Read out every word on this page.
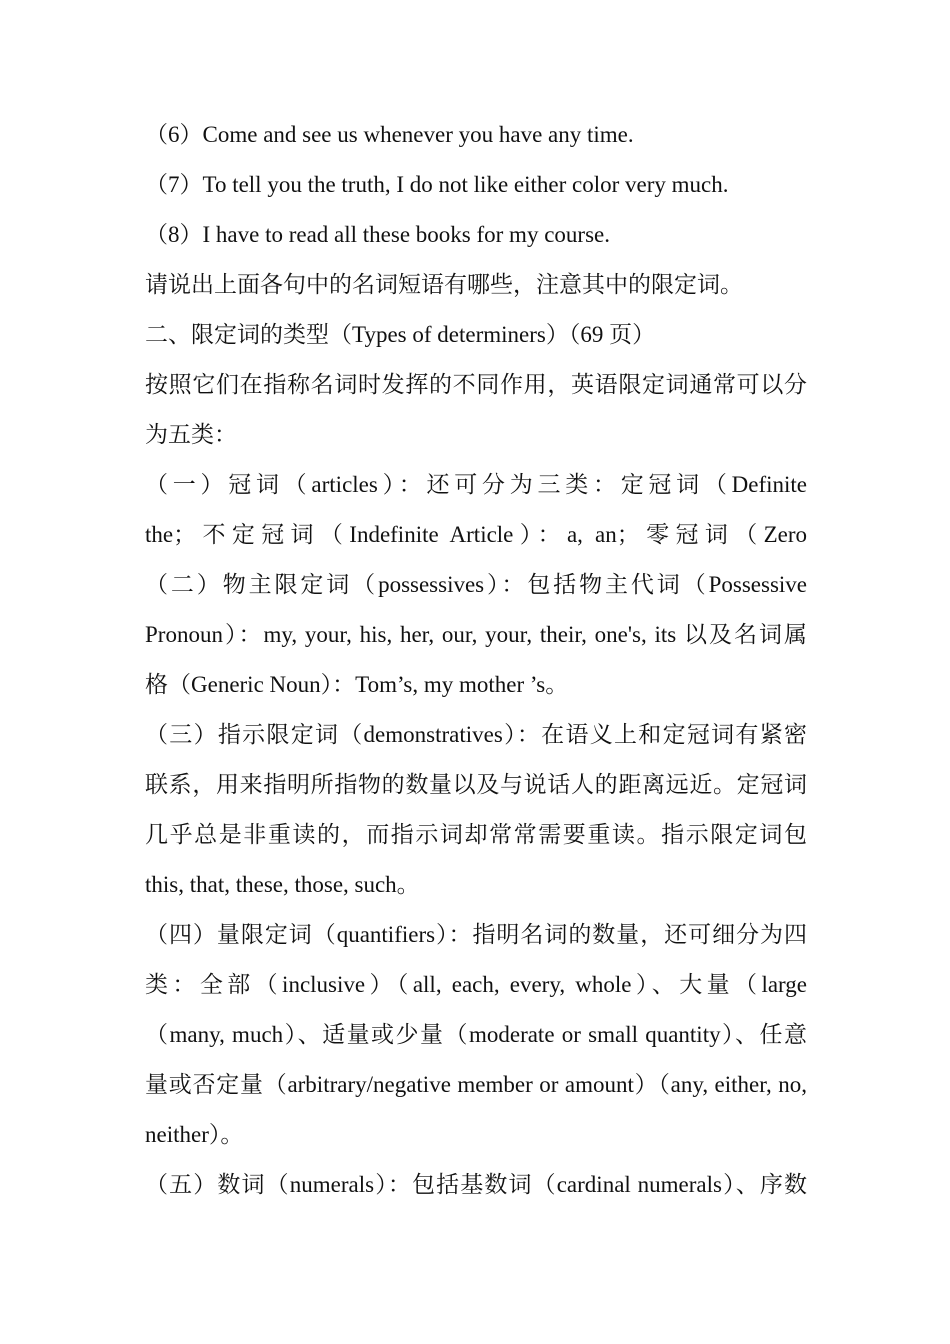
（6）Come and see us whenever you have any time.
（7）To tell you the truth, I do not like either color very much.
（8）I have to read all these books for my course.
请说出上面各句中的名词短语有哪些，注意其中的限定词。
二、限定词的类型（Types of determiners）（69 页）
按照它们在指称名词时发挥的不同作用，英语限定词通常可以分
为五类：
（一）冠词（articles）：还可分为三类：定冠词（Definite
the；不定冠词（Indefinite Article）：a, an；零冠词（Zero
（二）物主限定词（possessives）：包括物主代词（Possessive
Pronoun）：my, your, his, her, our, your, their, one's, its 以及名词属
格（Generic Noun）：Tom’s, my mother ’s。
（三）指示限定词（demonstratives）：在语义上和定冠词有紧密
联系，用来指明所指物的数量以及与说话人的距离远近。定冠词
几乎总是非重读的，而指示词却常常需要重读。指示限定词包
this, that, these, those, such。
（四）量限定词（quantifiers）：指明名词的数量，还可细分为四
类：全部（inclusive）（all, each, every, whole）、大量（large
（many, much）、适量或少量（moderate or small quantity）、任意
量或否定量（arbitrary/negative member or amount）（any, either, no,
neither）。
（五）数词（numerals）：包括基数词（cardinal numerals）、序数
